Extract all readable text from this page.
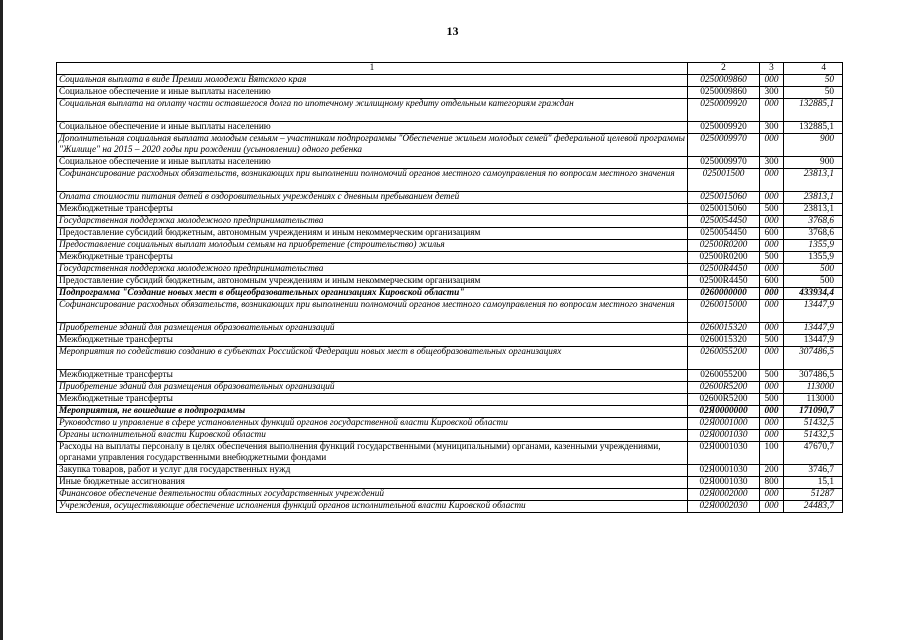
13
1	2	3	4
Социальная выплата в виде Премии молодежи Вятского края	0250009860	000	50
Социальное обеспечение и иные выплаты населению	0250009860	300	50
Социальная выплата на оплату части оставшегося долга по ипотечному жилищному кредиту отдельным категориям граждан	0250009920	000	132885,1
Социальное обеспечение и иные выплаты населению	0250009920	300	132885,1
Дополнительная социальная выплата молодым семьям – участникам подпрограммы "Обеспечение жильем молодых семей" федеральной целевой программы "Жилище" на 2015 – 2020 годы при рождении (усыновлении) одного ребенка	0250009970	000	900
Социальное обеспечение и иные выплаты населению	0250009970	300	900
Софинансирование расходных обязательств, возникающих при выполнении полномочий органов местного самоуправления по вопросам местного значения	025001500	000	23813,1
Оплата стоимости питания детей в оздоровительных учреждениях с дневным пребыванием детей	0250015060	000	23813,1
Межбюджетные трансферты	0250015060	500	23813,1
Государственная поддержка молодежного предпринимательства	0250054450	000	3768,6
Предоставление субсидий бюджетным, автономным учреждениям и иным некоммерческим организациям	0250054450	600	3768,6
Предоставление социальных выплат молодым семьям на приобретение (строительство) жилья	02500R0200	000	1355,9
Межбюджетные трансферты	02500R0200	500	1355,9
Государственная поддержка молодежного предпринимательства	02500R4450	000	500
Предоставление субсидий бюджетным, автономным учреждениям и иным некоммерческим организациям	02500R4450	600	500
Подпрограмма "Создание новых мест в общеобразовательных организациях Кировской области"	0260000000	000	433934,4
Софинансирование расходных обязательств, возникающих при выполнении полномочий органов местного самоуправления по вопросам местного значения	0260015000	000	13447,9
Приобретение зданий для размещения образовательных организаций	0260015320	000	13447,9
Межбюджетные трансферты	0260015320	500	13447,9
Мероприятия по содействию созданию в субъектах Российской Федерации новых мест в общеобразовательных организациях	0260055200	000	307486,5
Межбюджетные трансферты	0260055200	500	307486,5
Приобретение зданий для размещения образовательных организаций	02600R5200	000	113000
Межбюджетные трансферты	02600R5200	500	113000
Мероприятия, не вошедшие в подпрограммы	02Я0000000	000	171090,7
Руководство и управление в сфере установленных функций органов государственной власти Кировской области	02Я0001000	000	51432,5
Органы исполнительной власти Кировской области	02Я0001030	000	51432,5
Расходы на выплаты персоналу в целях обеспечения выполнения функций государственными (муниципальными) органами, казенными учреждениями, органами управления государственными внебюджетными фондами	02Я0001030	100	47670,7
Закупка товаров, работ и услуг для государственных нужд	02Я0001030	200	3746,7
Иные бюджетные ассигнования	02Я0001030	800	15,1
Финансовое обеспечение деятельности областных государственных учреждений	02Я0002000	000	51287
Учреждения, осуществляющие обеспечение исполнения функций органов исполнительной власти Кировской области	02Я0002030	000	24483,7
